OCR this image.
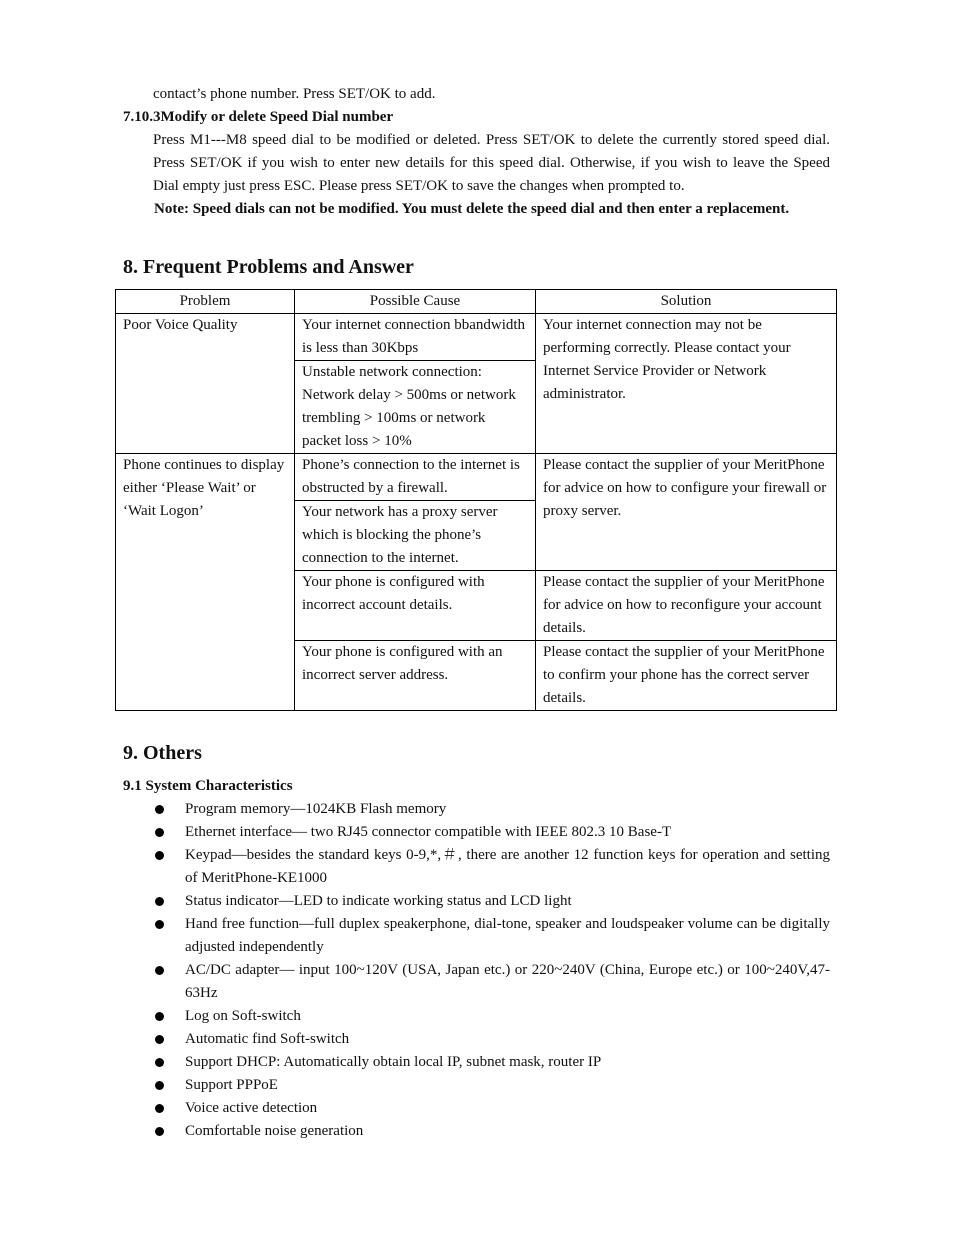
contact’s phone number. Press SET/OK to add.
7.10.3Modify or delete Speed Dial number
Press M1---M8 speed dial to be modified or deleted. Press SET/OK to delete the currently stored speed dial. Press SET/OK if you wish to enter new details for this speed dial. Otherwise, if you wish to leave the Speed Dial empty just press ESC. Please press SET/OK to save the changes when prompted to.
Note: Speed dials can not be modified. You must delete the speed dial and then enter a replacement.
8. Frequent Problems and Answer
Problem	Possible Cause	Solution
Poor Voice Quality	Your internet connection bbandwidth is less than 30Kbps	Your internet connection may not be performing correctly. Please contact your Internet Service Provider or Network administrator.
	Unstable network connection: Network delay > 500ms or network trembling > 100ms or network packet loss > 10%	
Phone continues to display either ‘Please Wait’ or ‘Wait Logon’	Phone’s connection to the internet is obstructed by a firewall.	Please contact the supplier of your MeritPhone for advice on how to configure your firewall or proxy server.
	Your network has a proxy server which is blocking the phone’s connection to the internet.	
	Your phone is configured with incorrect account details.	Please contact the supplier of your MeritPhone for advice on how to reconfigure your account details.
	Your phone is configured with an incorrect server address.	Please contact the supplier of your MeritPhone to confirm your phone has the correct server details.
9. Others
9.1 System Characteristics
Program memory—1024KB Flash memory
Ethernet interface— two RJ45 connector compatible with IEEE 802.3 10 Base-T
Keypad—besides the standard keys 0-9,*,＃, there are another 12 function keys for operation and setting of MeritPhone-KE1000
Status indicator—LED to indicate working status and LCD light
Hand free function—full duplex speakerphone, dial-tone, speaker and loudspeaker volume can be digitally adjusted independently
AC/DC adapter— input 100~120V (USA, Japan etc.) or 220~240V (China, Europe etc.) or 100~240V,47-63Hz
Log on Soft-switch
Automatic find Soft-switch
Support DHCP: Automatically obtain local IP, subnet mask, router IP
Support PPPoE
Voice active detection
Comfortable noise generation
